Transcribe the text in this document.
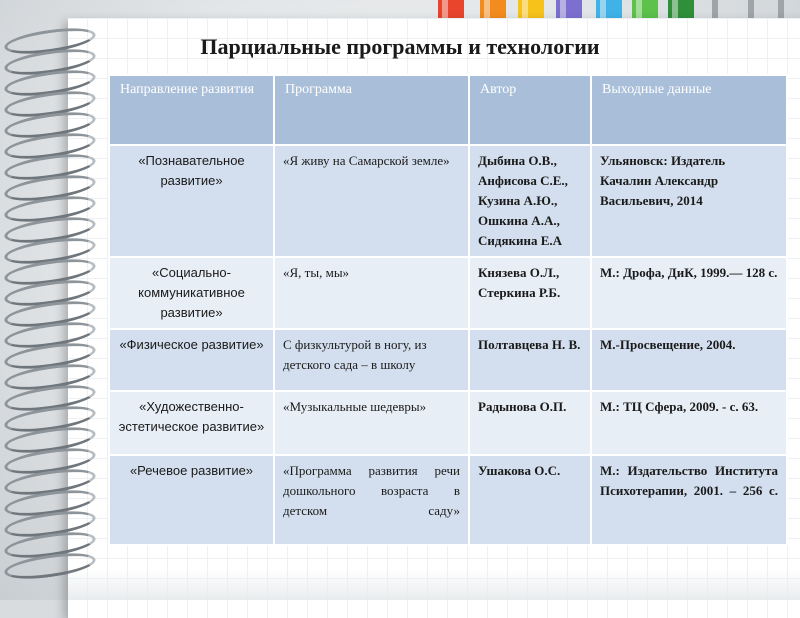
Парциальные программы и технологии
Направление развития	Программа	Автор	Выходные данные
«Познавательное развитие»	«Я живу на Самарской земле»	Дыбина О.В., Анфисова С.Е., Кузина А.Ю., Ошкина А.А., Сидякина Е.А	Ульяновск: Издатель Качалин Александр Васильевич, 2014
«Социально-коммуникативное развитие»	«Я, ты, мы»	Князева О.Л., Стеркина Р.Б.	М.: Дрофа, ДиК, 1999.— 128 с.
«Физическое развитие»	С физкультурой в ногу, из детского сада – в школу	Полтавцева Н. В.	М.-Просвещение, 2004.
«Художественно-эстетическое развитие»	«Музыкальные шедевры»	Радынова О.П.	М.: ТЦ Сфера, 2009. - с. 63.
«Речевое развитие»	«Программа развития речи дошкольного возраста в детском саду»	Ушакова О.С.	М.: Издательство Института Психотерапии, 2001. – 256 с.
